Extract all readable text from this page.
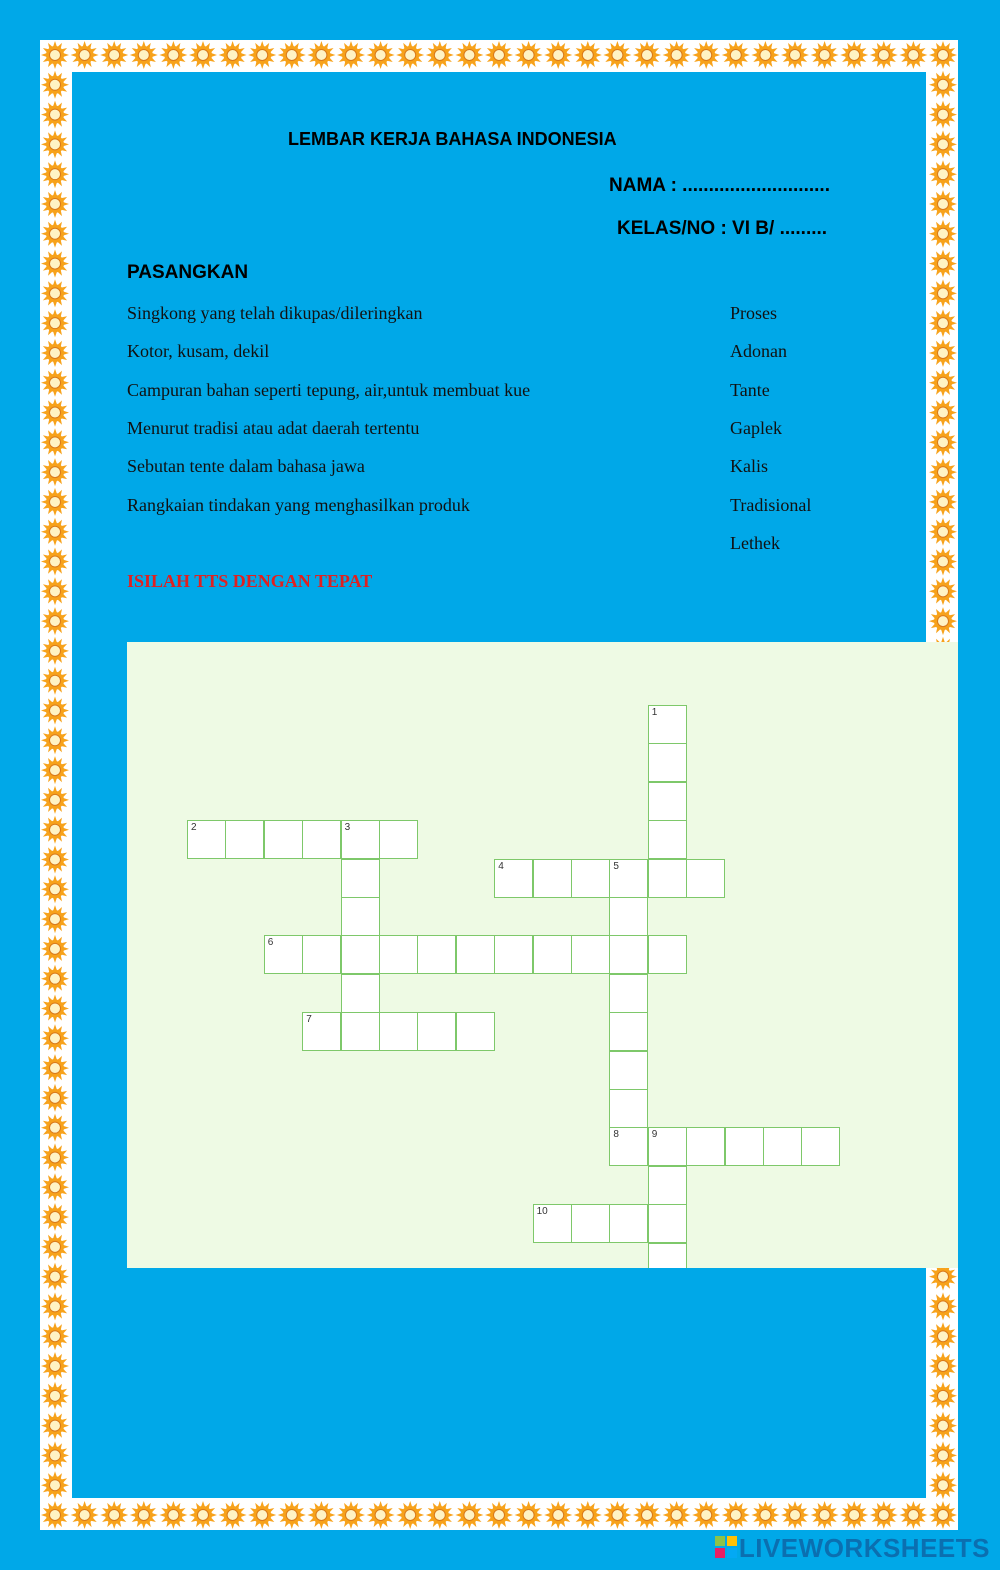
LEMBAR KERJA BAHASA INDONESIA
NAMA : ............................
KELAS/NO : VI B/ .........
PASANGKAN
Singkong yang telah dikupas/dileringkan
Kotor, kusam, dekil
Campuran bahan seperti tepung, air,untuk membuat kue
Menurut tradisi atau adat daerah tertentu
Sebutan tente dalam bahasa jawa
Rangkaian tindakan yang menghasilkan produk
Proses
Adonan
Tante
Gaplek
Kalis
Tradisional
Lethek
ISILAH TTS DENGAN TEPAT
1
2	3
4	5
6
7
8	9
10
LIVEWORKSHEETS
